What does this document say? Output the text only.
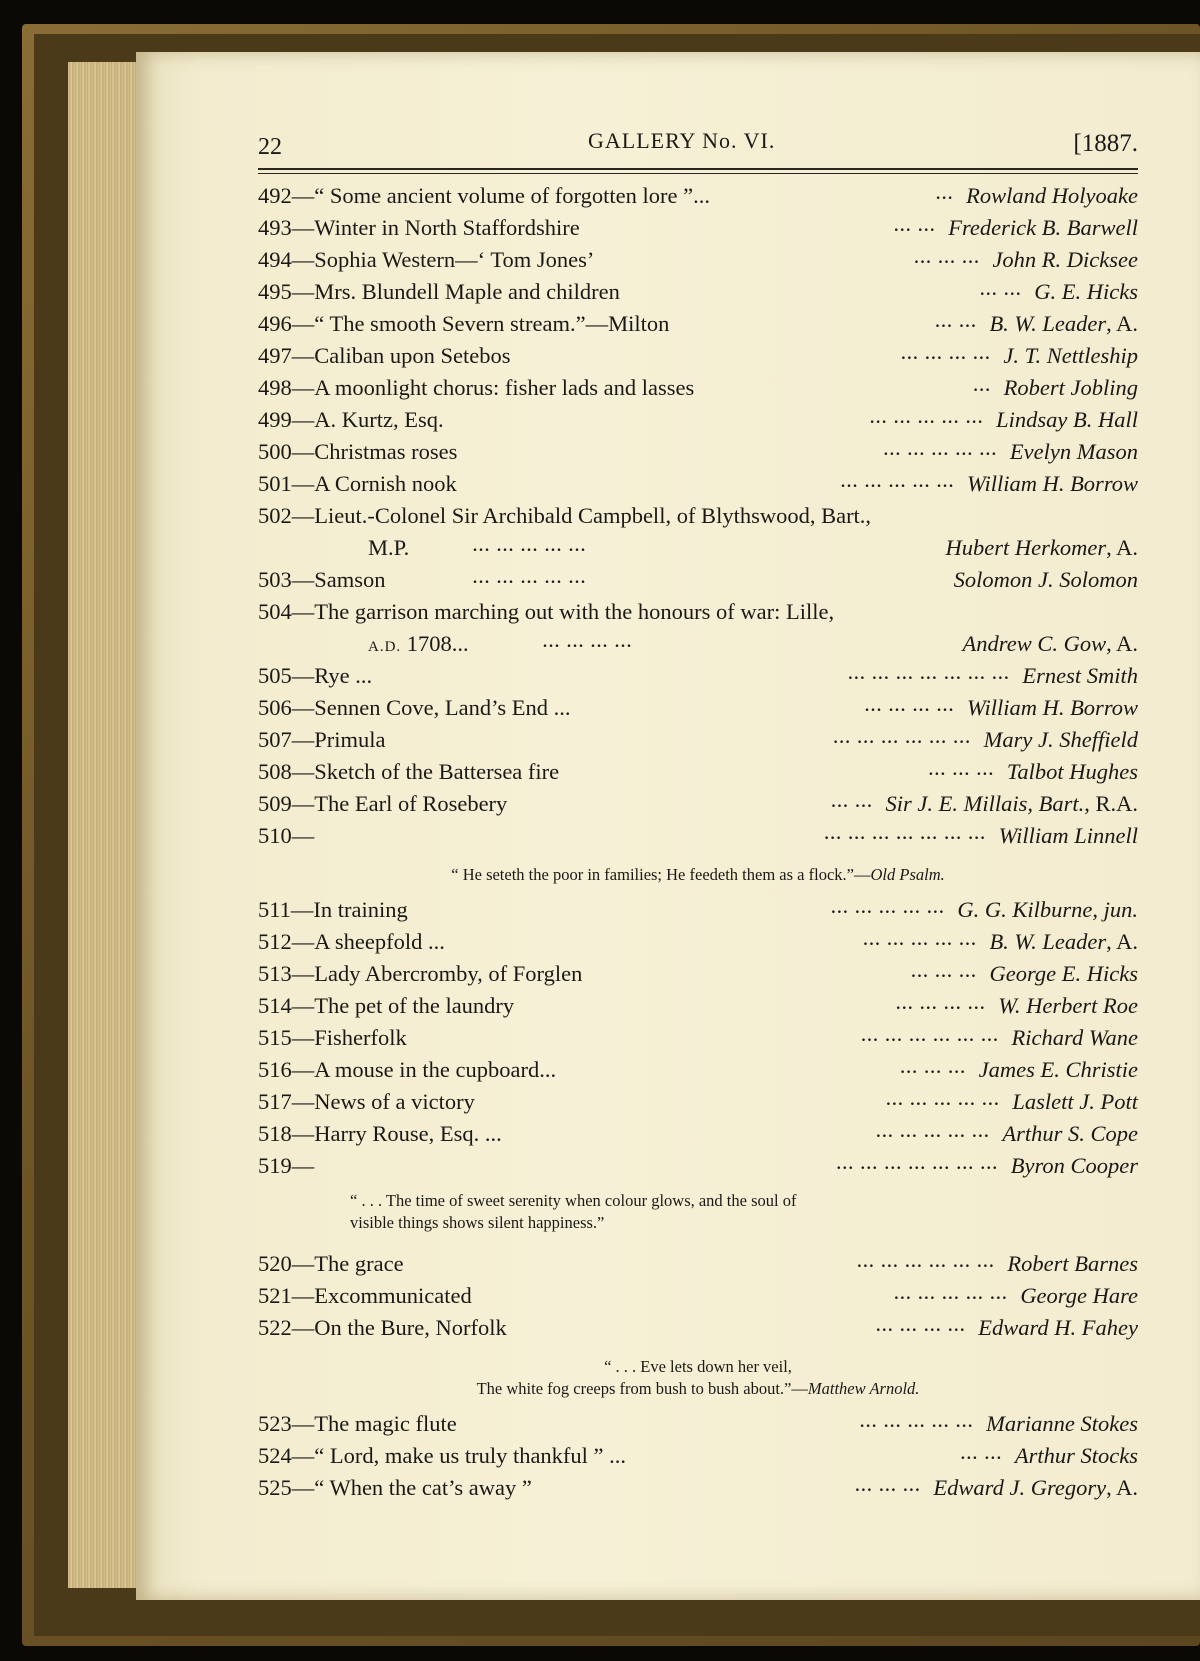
22	GALLERY No. VI.	[1887.
492—“ Some ancient volume of forgotten lore ”...	... Rowland Holyoake
493—Winter in North Staffordshire	... ... Frederick B. Barwell
494—Sophia Western—‘ Tom Jones’	... ... ... John R. Dicksee
495—Mrs. Blundell Maple and children	... ... G. E. Hicks
496—“ The smooth Severn stream.”—Milton	... ... B. W. Leader, A.
497—Caliban upon Setebos	... ... ... ... J. T. Nettleship
498—A moonlight chorus: fisher lads and lasses	... Robert Jobling
499—A. Kurtz, Esq.	... ... ... ... ... Lindsay B. Hall
500—Christmas roses	... ... ... ... ... Evelyn Mason
501—A Cornish nook	... ... ... ... ... William H. Borrow
502—Lieut.-Colonel Sir Archibald Campbell, of Blythswood, Bart.,
M.P.	... ... ... ... ...	Hubert Herkomer, A.
503—Samson	... ... ... ... ...	Solomon J. Solomon
504—The garrison marching out with the honours of war: Lille,
A.D. 1708...	... ... ... ...	Andrew C. Gow, A.
505—Rye ...	... ... ... ... ... ... ... Ernest Smith
506—Sennen Cove, Land’s End ...	... ... ... ... William H. Borrow
507—Primula	... ... ... ... ... ... Mary J. Sheffield
508—Sketch of the Battersea fire	... ... ... Talbot Hughes
509—The Earl of Rosebery	... ... Sir J. E. Millais, Bart., R.A.
510—	... ... ... ... ... ... ... William Linnell
“ He seteth the poor in families; He feedeth them as a flock.”—Old Psalm.
511—In training	... ... ... ... ... G. G. Kilburne, jun.
512—A sheepfold ...	... ... ... ... ... B. W. Leader, A.
513—Lady Abercromby, of Forglen	... ... ... George E. Hicks
514—The pet of the laundry	... ... ... ... W. Herbert Roe
515—Fisherfolk	... ... ... ... ... ... Richard Wane
516—A mouse in the cupboard...	... ... ... James E. Christie
517—News of a victory	... ... ... ... ... Laslett J. Pott
518—Harry Rouse, Esq. ...	... ... ... ... ... Arthur S. Cope
519—	... ... ... ... ... ... ... Byron Cooper
“ . . . The time of sweet serenity when colour glows, and the soul of
visible things shows silent happiness.”
520—The grace	... ... ... ... ... ... Robert Barnes
521—Excommunicated	... ... ... ... ... George Hare
522—On the Bure, Norfolk	... ... ... ... Edward H. Fahey
“ . . . Eve lets down her veil,
The white fog creeps from bush to bush about.”—Matthew Arnold.
523—The magic flute	... ... ... ... ... Marianne Stokes
524—“ Lord, make us truly thankful ” ...	... ... Arthur Stocks
525—“ When the cat’s away ”	... ... ... Edward J. Gregory, A.
